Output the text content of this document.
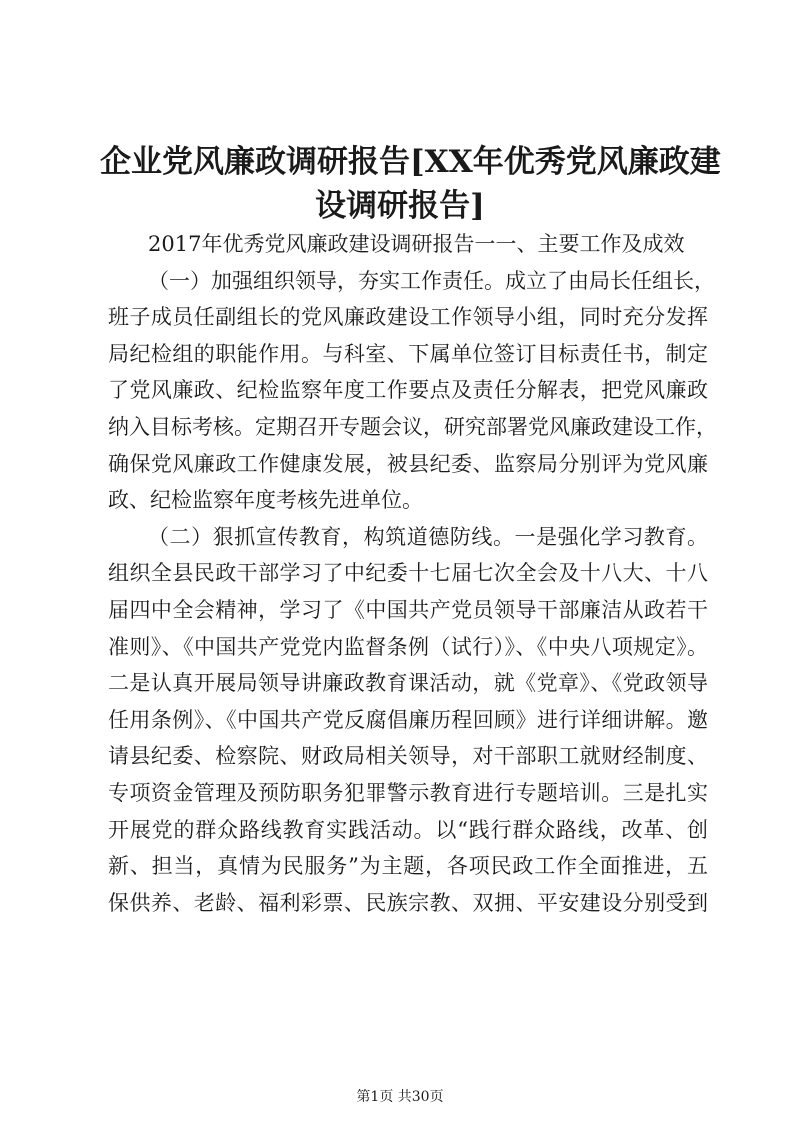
企业党风廉政调研报告[XX年优秀党风廉政建
设调研报告]
2017年优秀党风廉政建设调研报告一一、主要工作及成效
（一）加强组织领导，夯实工作责任。成立了由局长任组长，
班子成员任副组长的党风廉政建设工作领导小组，同时充分发挥
局纪检组的职能作用。与科室、下属单位签订目标责任书，制定
了党风廉政、纪检监察年度工作要点及责任分解表，把党风廉政
纳入目标考核。定期召开专题会议，研究部署党风廉政建设工作，
确保党风廉政工作健康发展，被县纪委、监察局分别评为党风廉
政、纪检监察年度考核先进单位。
（二）狠抓宣传教育，构筑道德防线。一是强化学习教育。
组织全县民政干部学习了中纪委十七届七次全会及十八大、十八
届四中全会精神，学习了《中国共产党员领导干部廉洁从政若干
准则》、《中国共产党党内监督条例（试行）》、《中央八项规定》。
二是认真开展局领导讲廉政教育课活动，就《党章》、《党政领导
任用条例》、《中国共产党反腐倡廉历程回顾》进行详细讲解。邀
请县纪委、检察院、财政局相关领导，对干部职工就财经制度、
专项资金管理及预防职务犯罪警示教育进行专题培训。三是扎实
开展党的群众路线教育实践活动。以“践行群众路线，改革、创
新、担当，真情为民服务”为主题，各项民政工作全面推进，五
保供养、老龄、福利彩票、民族宗教、双拥、平安建设分别受到
第1页 共30页
